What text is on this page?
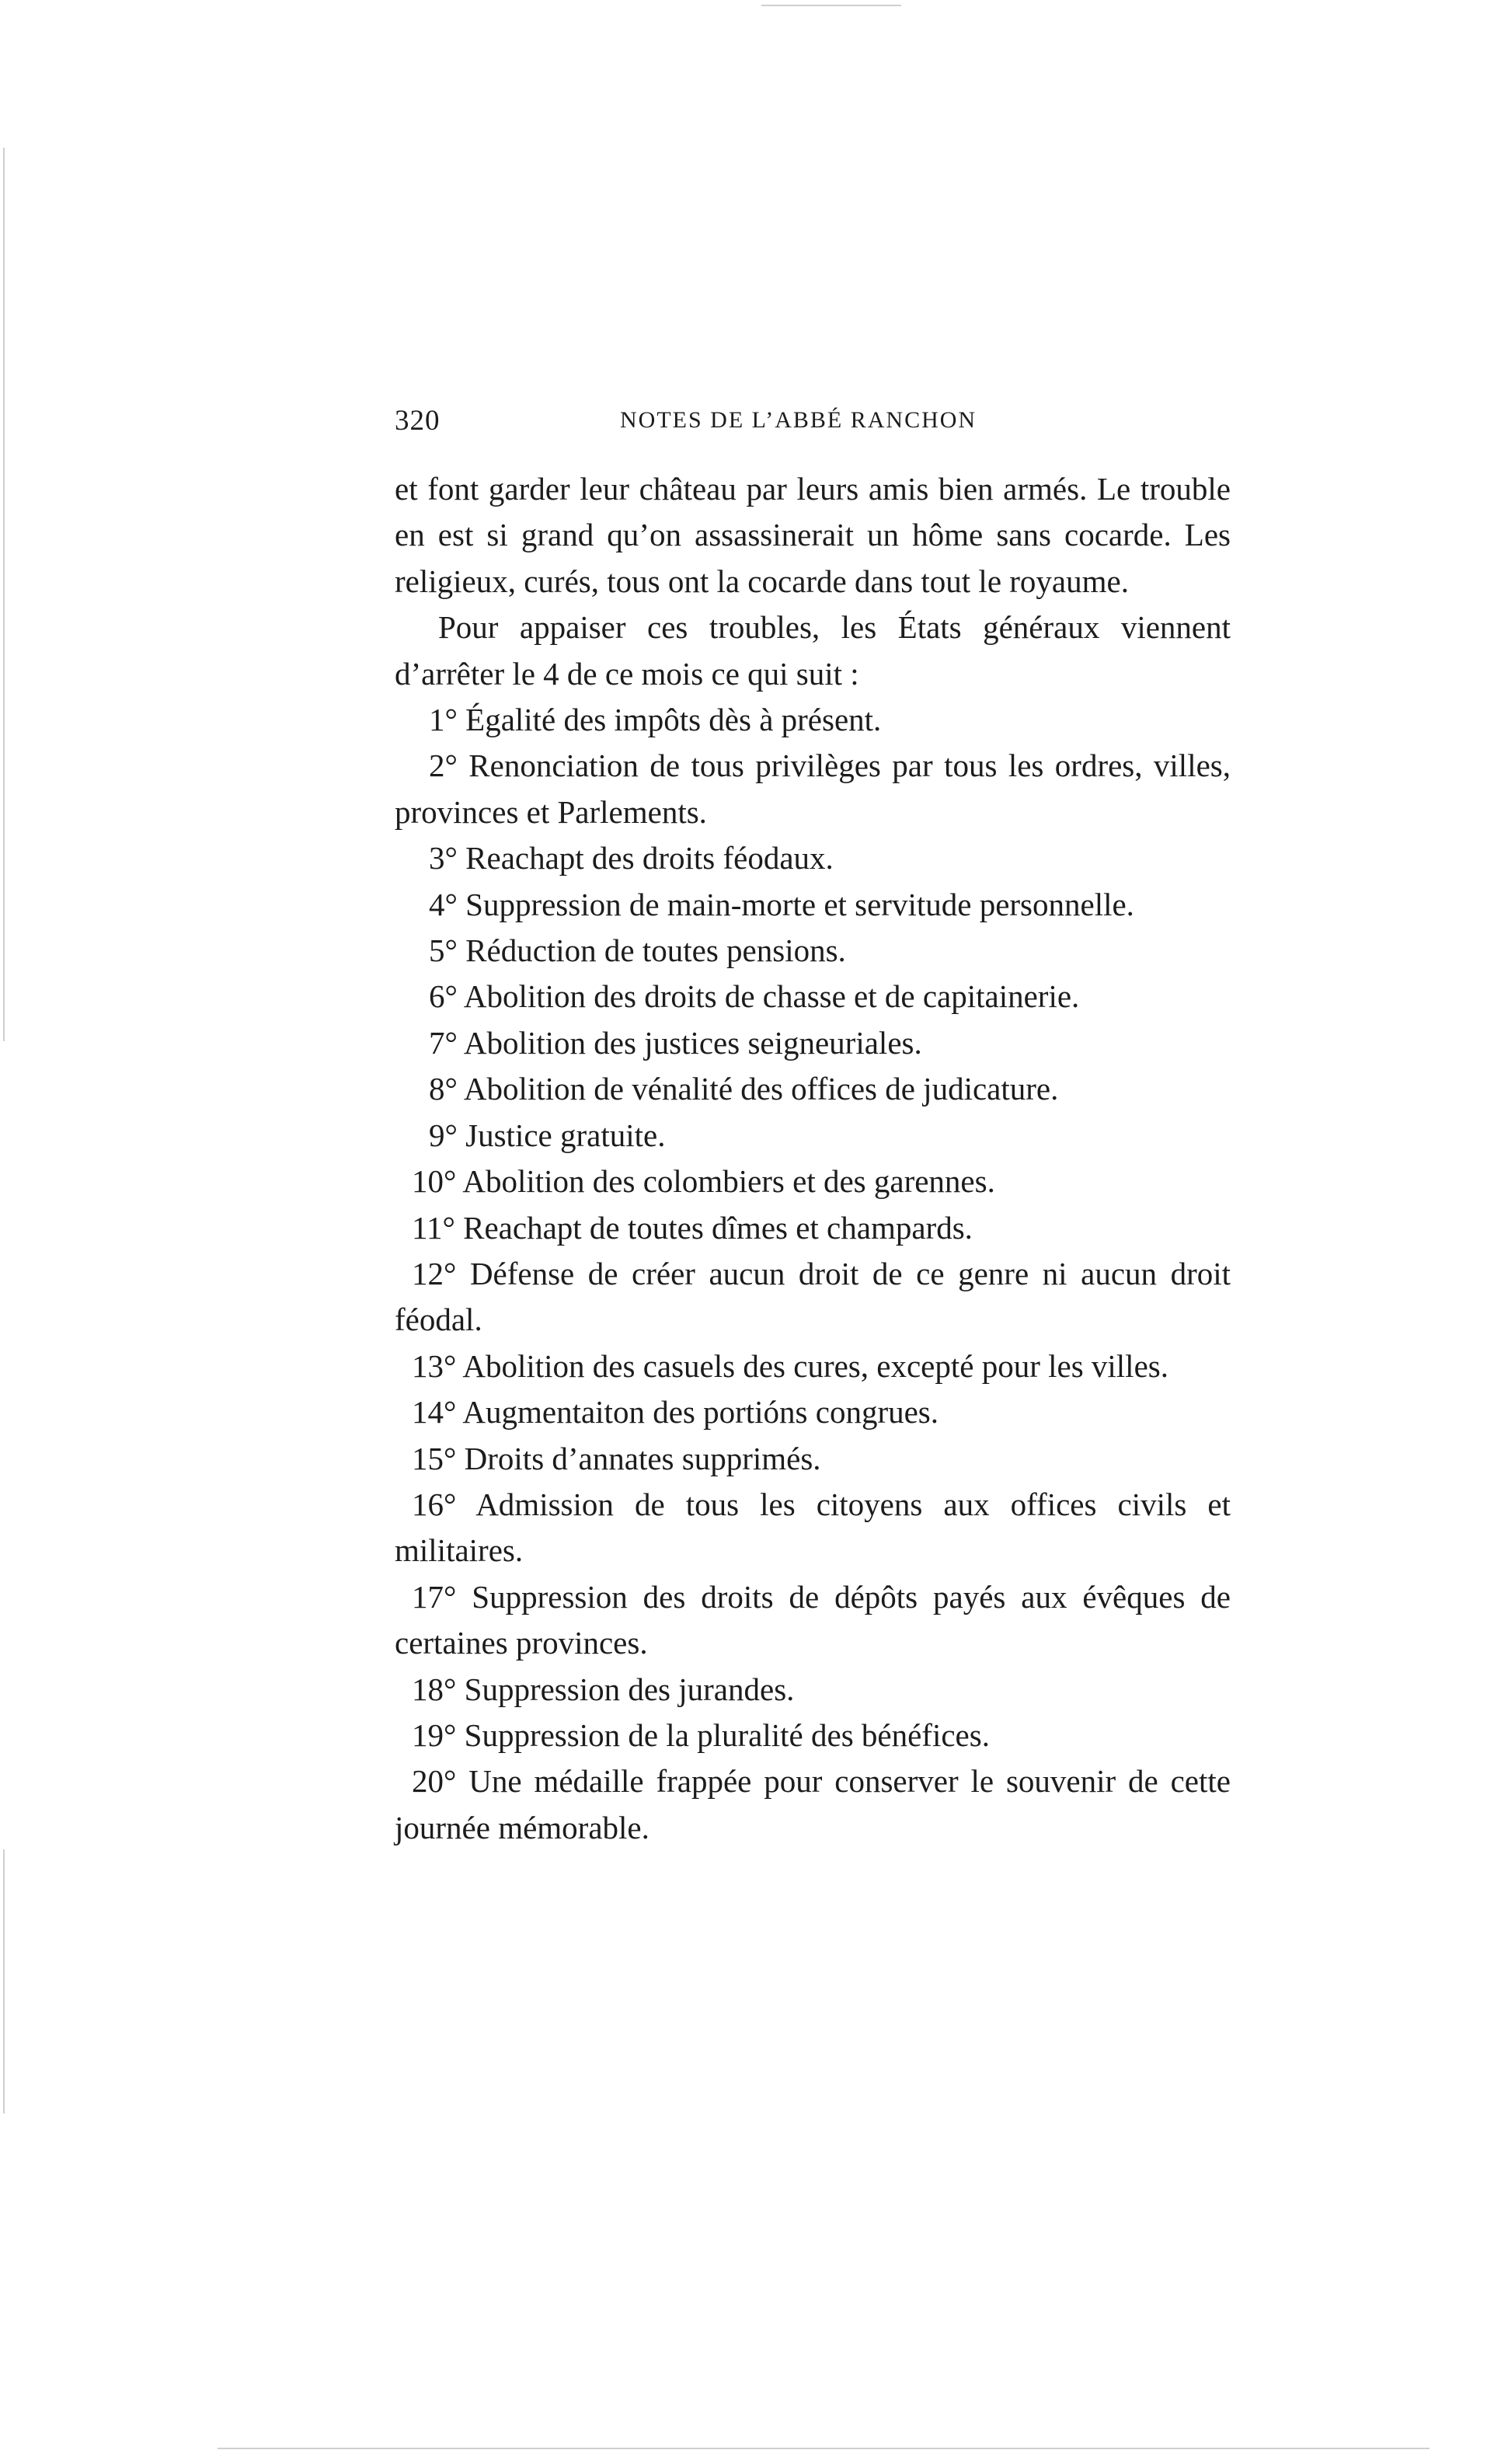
320	NOTES DE L’ABBÉ RANCHON

et font garder leur château par leurs amis bien armés. Le trouble en est si grand qu’on assassinerait un hôme sans cocarde. Les religieux, curés, tous ont la cocarde dans tout le royaume.

Pour appaiser ces troubles, les États généraux viennent d’arrêter le 4 de ce mois ce qui suit :

1° Égalité des impôts dès à présent.

2° Renonciation de tous privilèges par tous les ordres, villes, provinces et Parlements.

3° Reachapt des droits féodaux.

4° Suppression de main-morte et servitude personnelle.

5° Réduction de toutes pensions.

6° Abolition des droits de chasse et de capitainerie.

7° Abolition des justices seigneuriales.

8° Abolition de vénalité des offices de judicature.

9° Justice gratuite.

10° Abolition des colombiers et des garennes.

11° Reachapt de toutes dîmes et champards.

12° Défense de créer aucun droit de ce genre ni aucun droit féodal.

13° Abolition des casuels des cures, excepté pour les villes.

14° Augmentaiton des portións congrues.

15° Droits d’annates supprimés.

16° Admission de tous les citoyens aux offices civils et militaires.

17° Suppression des droits de dépôts payés aux évêques de certaines provinces.

18° Suppression des jurandes.

19° Suppression de la pluralité des bénéfices.

20° Une médaille frappée pour conserver le souvenir de cette journée mémorable.
